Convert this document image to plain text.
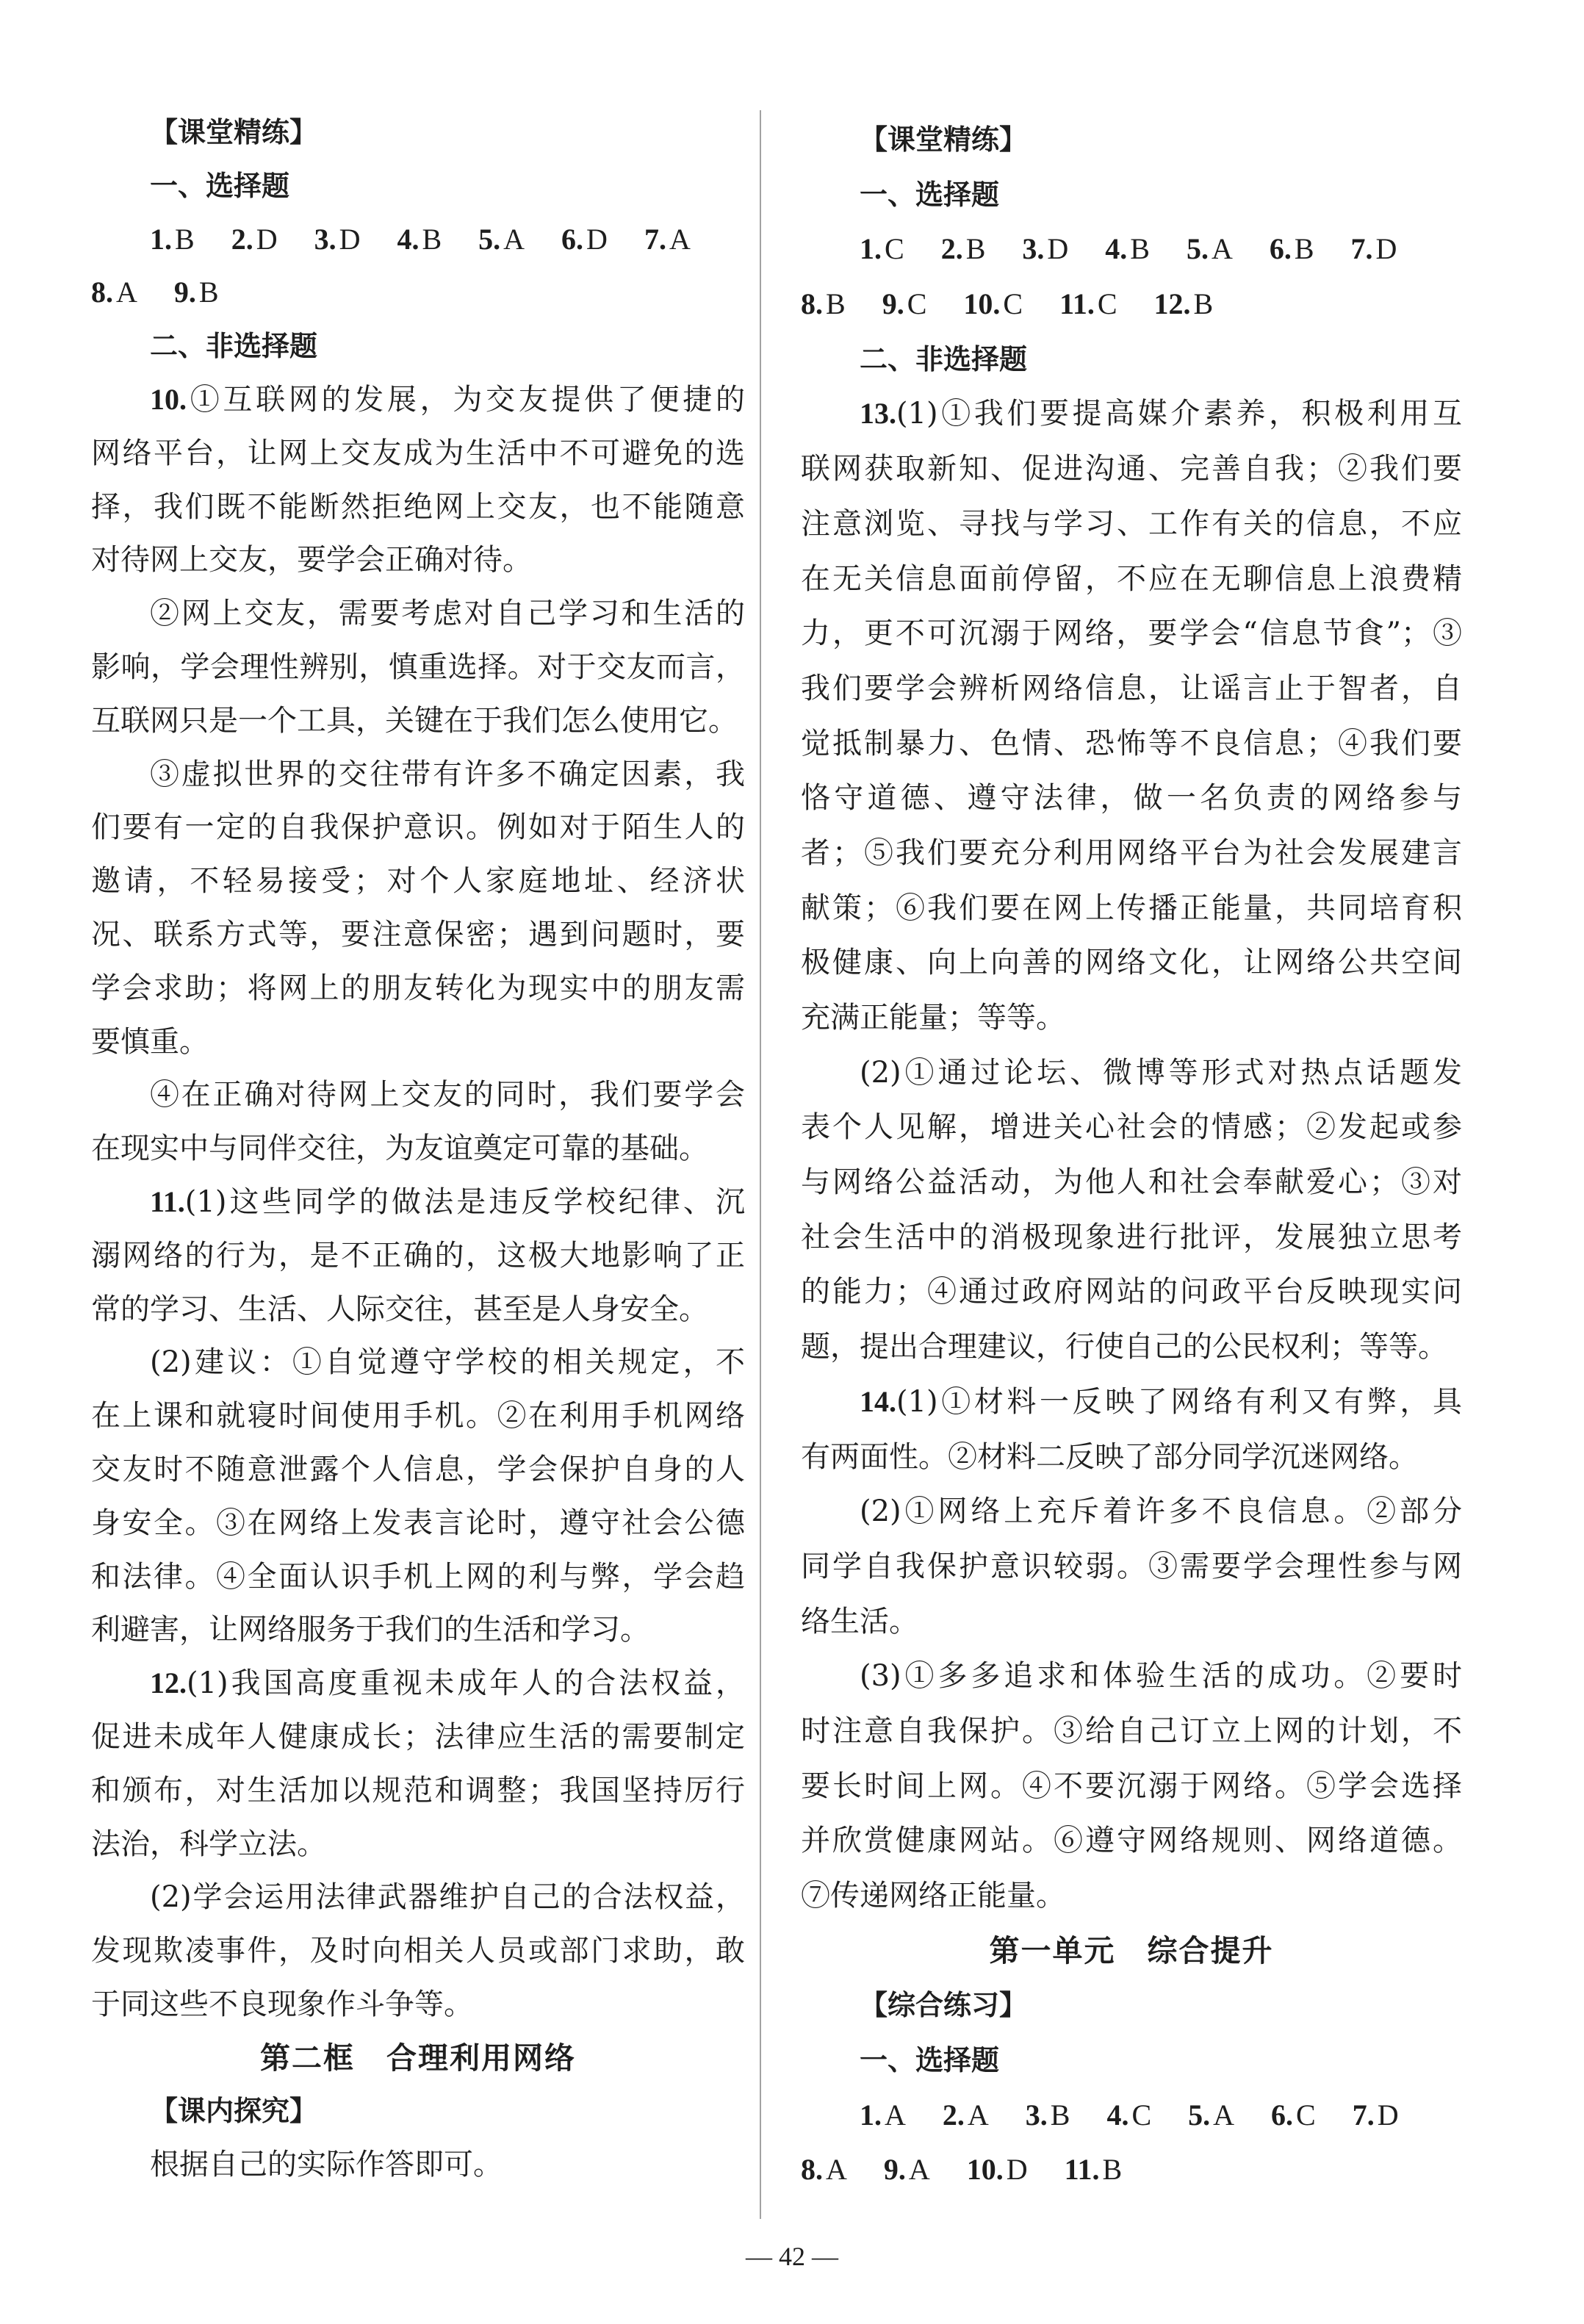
【课堂精练】
一、选择题
1. B 2. D 3. D 4. B 5. A 6. D 7. A
8. A 9. B
二、非选择题
10.①互联网的发展，为交友提供了便捷的
网络平台，让网上交友成为生活中不可避免的选
择，我们既不能断然拒绝网上交友，也不能随意
对待网上交友，要学会正确对待。
②网上交友，需要考虑对自己学习和生活的
影响，学会理性辨别，慎重选择。对于交友而言，
互联网只是一个工具，关键在于我们怎么使用它。
③虚拟世界的交往带有许多不确定因素，我
们要有一定的自我保护意识。例如对于陌生人的
邀请，不轻易接受；对个人家庭地址、经济状
况、联系方式等，要注意保密；遇到问题时，要
学会求助；将网上的朋友转化为现实中的朋友需
要慎重。
④在正确对待网上交友的同时，我们要学会
在现实中与同伴交往，为友谊奠定可靠的基础。
11.(1)这些同学的做法是违反学校纪律、沉
溺网络的行为，是不正确的，这极大地影响了正
常的学习、生活、人际交往，甚至是人身安全。
(2)建议：①自觉遵守学校的相关规定，不
在上课和就寝时间使用手机。②在利用手机网络
交友时不随意泄露个人信息，学会保护自身的人
身安全。③在网络上发表言论时，遵守社会公德
和法律。④全面认识手机上网的利与弊，学会趋
利避害，让网络服务于我们的生活和学习。
12.(1)我国高度重视未成年人的合法权益，
促进未成年人健康成长；法律应生活的需要制定
和颁布，对生活加以规范和调整；我国坚持厉行
法治，科学立法。
(2)学会运用法律武器维护自己的合法权益，
发现欺凌事件，及时向相关人员或部门求助，敢
于同这些不良现象作斗争等。
第二框　合理利用网络
【课内探究】
根据自己的实际作答即可。
【课堂精练】
一、选择题
1. C 2. B 3. D 4. B 5. A 6. B 7. D
8. B 9. C 10. C 11. C 12. B
二、非选择题
13.(1)①我们要提高媒介素养，积极利用互
联网获取新知、促进沟通、完善自我；②我们要
注意浏览、寻找与学习、工作有关的信息，不应
在无关信息面前停留，不应在无聊信息上浪费精
力，更不可沉溺于网络，要学会“信息节食”；③
我们要学会辨析网络信息，让谣言止于智者，自
觉抵制暴力、色情、恐怖等不良信息；④我们要
恪守道德、遵守法律，做一名负责的网络参与
者；⑤我们要充分利用网络平台为社会发展建言
献策；⑥我们要在网上传播正能量，共同培育积
极健康、向上向善的网络文化，让网络公共空间
充满正能量；等等。
(2)①通过论坛、微博等形式对热点话题发
表个人见解，增进关心社会的情感；②发起或参
与网络公益活动，为他人和社会奉献爱心；③对
社会生活中的消极现象进行批评，发展独立思考
的能力；④通过政府网站的问政平台反映现实问
题，提出合理建议，行使自己的公民权利；等等。
14.(1)①材料一反映了网络有利又有弊，具
有两面性。②材料二反映了部分同学沉迷网络。
(2)①网络上充斥着许多不良信息。②部分
同学自我保护意识较弱。③需要学会理性参与网
络生活。
(3)①多多追求和体验生活的成功。②要时
时注意自我保护。③给自己订立上网的计划，不
要长时间上网。④不要沉溺于网络。⑤学会选择
并欣赏健康网站。⑥遵守网络规则、网络道德。
⑦传递网络正能量。
第一单元　综合提升
【综合练习】
一、选择题
1. A 2. A 3. B 4. C 5. A 6. C 7. D
8. A 9. A 10. D 11. B
— 42 —
